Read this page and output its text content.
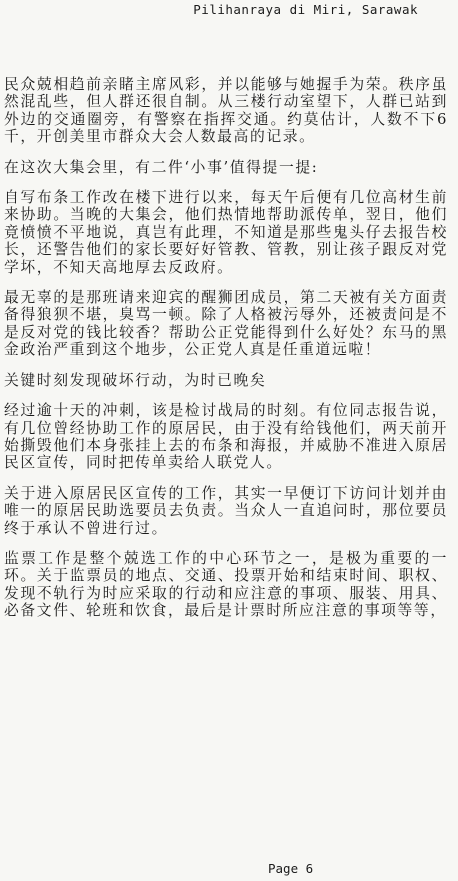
Pilihanraya di Miri, Sarawak

民众兢相趋前亲睹主席风彩，并以能够与她握手为荣。秩序虽然混乱些，但人群还很自制。从三楼行动室望下，人群已站到外边的交通圈旁，有警察在指挥交通。约莫估计，人数不下6千，开创美里市群众大会人数最高的记录。

在这次大集会里，有二件‘小事’值得提一提:

自写布条工作改在楼下进行以来，每天午后便有几位高材生前来协助。当晚的大集会，他们热情地帮助派传单，翌日，他们竟愤愤不平地说，真岂有此理，不知道是那些鬼头仔去报告校长，还警告他们的家长要好好管教、管教，别让孩子跟反对党学坏，不知天高地厚去反政府。

最无辜的是那班请来迎宾的醒狮团成员，第二天被有关方面责备得狼狈不堪，臭骂一顿。除了人格被污辱外，还被责问是不是反对党的钱比较香？帮助公正党能得到什么好处？东马的黑金政治严重到这个地步，公正党人真是任重道远啦！

关键时刻发现破坏行动，为时已晚矣

经过逾十天的冲刺，该是检讨战局的时刻。有位同志报告说，有几位曾经协助工作的原居民，由于没有给钱他们，两天前开始撕毁他们本身张挂上去的布条和海报，并威胁不准进入原居民区宣传，同时把传单卖给人联党人。

关于进入原居民区宣传的工作，其实一早便订下访问计划并由唯一的原居民助选要员去负责。当众人一直追问时，那位要员终于承认不曾进行过。

监票工作是整个兢选工作的中心环节之一，是极为重要的一环。关于监票员的地点、交通、投票开始和结束时间、职权、发现不轨行为时应采取的行动和应注意的事项、服装、用具、必备文件、轮班和饮食，最后是计票时所应注意的事项等等，

Page 6
